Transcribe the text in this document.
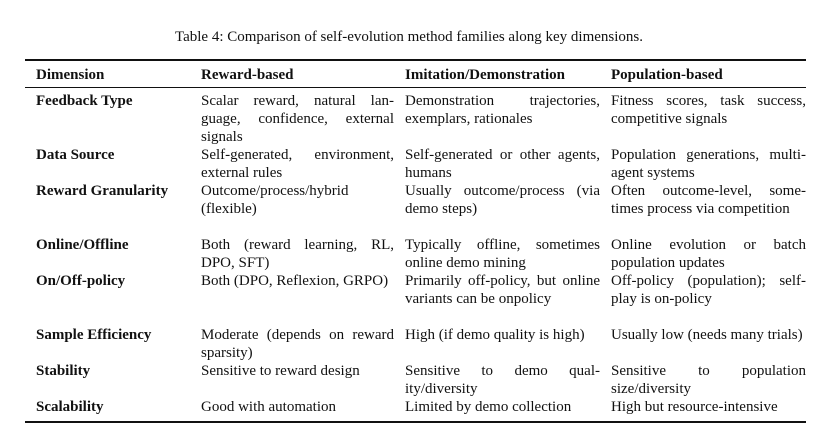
Table 4: Comparison of self-evolution method families along key dimensions.
Dimension	Reward-based	Imitation/Demonstration	Population-based
Feedback Type	Scalar reward, natural language, confidence, external signals	Demonstration trajectories, exemplars, rationales	Fitness scores, task success, competitive signals
Data Source	Self-generated, environment, external rules	Self-generated or other agents, humans	Population generations, multi-agent systems
Reward Granularity	Outcome/process/hybrid (flexible)	Usually outcome/process (via demo steps)	Often outcome-level, sometimes process via competition
Online/Offline	Both (reward learning, RL, DPO, SFT)	Typically offline, sometimes online demo mining	Online evolution or batch population updates
On/Off-policy	Both (DPO, Reflexion, GRPO)	Primarily off-policy, but online variants can be onpolicy	Off-policy (population); self-play is on-policy
Sample Efficiency	Moderate (depends on reward sparsity)	High (if demo quality is high)	Usually low (needs many trials)
Stability	Sensitive to reward design	Sensitive to demo quality/diversity	Sensitive to population size/diversity
Scalability	Good with automation	Limited by demo collection	High but resource-intensive
